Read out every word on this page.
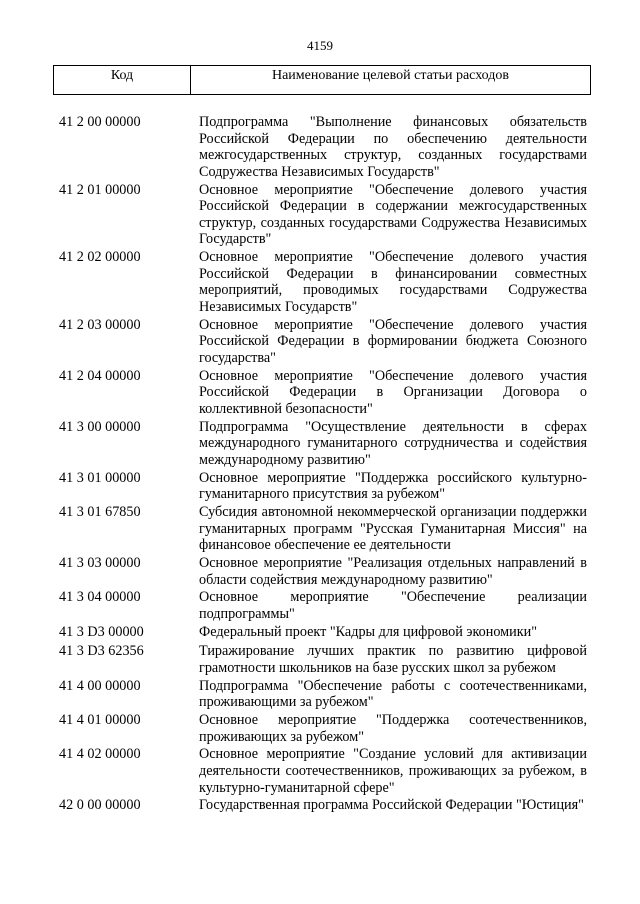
4159
Код	Наименование целевой статьи расходов
41 2 00 00000	Подпрограмма "Выполнение финансовых обязательств Российской Федерации по обеспечению деятельности межгосударственных структур, созданных государствами Содружества Независимых Государств"
41 2 01 00000	Основное мероприятие "Обеспечение долевого участия Российской Федерации в содержании межгосударственных структур, созданных государствами Содружества Независимых Государств"
41 2 02 00000	Основное мероприятие "Обеспечение долевого участия Российской Федерации в финансировании совместных мероприятий, проводимых государствами Содружества Независимых Государств"
41 2 03 00000	Основное мероприятие "Обеспечение долевого участия Российской Федерации в формировании бюджета Союзного государства"
41 2 04 00000	Основное мероприятие "Обеспечение долевого участия Российской Федерации в Организации Договора о коллективной безопасности"
41 3 00 00000	Подпрограмма "Осуществление деятельности в сферах международного гуманитарного сотрудничества и содействия международному развитию"
41 3 01 00000	Основное мероприятие "Поддержка российского культурно-гуманитарного присутствия за рубежом"
41 3 01 67850	Субсидия автономной некоммерческой организации поддержки гуманитарных программ "Русская Гуманитарная Миссия" на финансовое обеспечение ее деятельности
41 3 03 00000	Основное мероприятие "Реализация отдельных направлений в области содействия международному развитию"
41 3 04 00000	Основное мероприятие "Обеспечение реализации подпрограммы"
41 3 D3 00000	Федеральный проект "Кадры для цифровой экономики"
41 3 D3 62356	Тиражирование лучших практик по развитию цифровой грамотности школьников на базе русских школ за рубежом
41 4 00 00000	Подпрограмма "Обеспечение работы с соотечественниками, проживающими за рубежом"
41 4 01 00000	Основное мероприятие "Поддержка соотечественников, проживающих за рубежом"
41 4 02 00000	Основное мероприятие "Создание условий для активизации деятельности соотечественников, проживающих за рубежом, в культурно-гуманитарной сфере"
42 0 00 00000	Государственная программа Российской Федерации "Юстиция"
